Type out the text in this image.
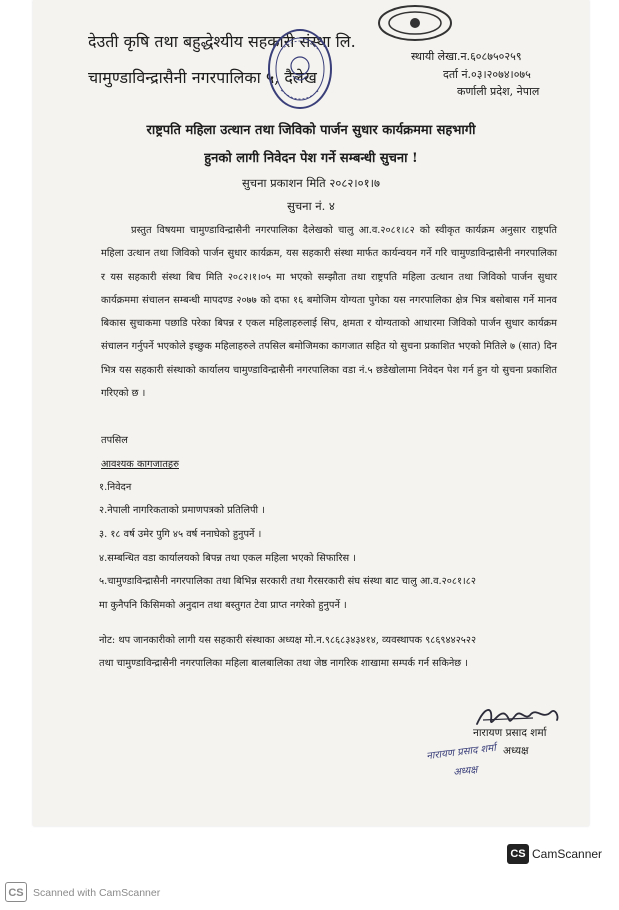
देउती कृषि तथा बहुद्धेश्यीय सहकारी संस्था लि.
चामुण्डाविन्द्रासैनी नगरपालिका ५, दैलेख
स्थायी लेखा.न.६०८७५०२५९
दर्ता नं.०३।२०७४।०७५
कर्णाली प्रदेश, नेपाल
राष्ट्रपति महिला उत्थान तथा जिविको पार्जन सुधार कार्यक्रममा सहभागी
हुनको लागी निवेदन पेश गर्ने सम्बन्धी सुचना !
सुचना प्रकाशन मिति २०८२।०१।७
सुचना नं. ४
प्रस्तुत विषयमा चामुण्डाविन्द्रासैनी नगरपालिका दैलेखको चालु आ.व.२०८१।८२ को स्वीकृत कार्यक्रम अनुसार राष्ट्रपति महिला उत्थान तथा जिविको पार्जन सुधार कार्यक्रम, यस सहकारी संस्था मार्फत कार्यन्वयन गर्ने गरि चामुण्डाविन्द्रासैनी नगरपालिका र यस सहकारी संस्था बिच मिति २०८२।१।०५ मा भएको सम्झौता तथा राष्ट्रपति महिला उत्थान तथा जिविको पार्जन सुधार कार्यक्रममा संचालन सम्बन्धी मापदण्ड २०७७ को दफा १६ बमोजिम योग्यता पुगेका यस नगरपालिका क्षेत्र भित्र बसोबास गर्ने मानव बिकास सुचाकमा पछाडि परेका बिपन्न र एकल महिलाहरुलाई सिप, क्षमता र योग्यताको आधारमा जिविको पार्जन सुधार कार्यक्रम संचालन गर्नुपर्ने भएकोले इच्छुक महिलाहरुले तपसिल बमोजिमका कागजात सहित यो सुचना प्रकाशित भएको मितिले ७ (सात) दिन भित्र यस सहकारी संस्थाको कार्यालय चामुण्डाविन्द्रासैनी नगरपालिका वडा नं.५ छडेखोलामा निवेदन पेश गर्न हुन यो सुचना प्रकाशित गरिएको छ ।
तपसिल
आवश्यक कागजातहरु
१.निवेदन
२.नेपाली नागरिकताको प्रमाणपत्रको प्रतिलिपी ।
३. १८ वर्ष उमेर पुगि ४५ वर्ष ननाघेको हुनुपर्ने ।
४.सम्बन्धित वडा कार्यालयको बिपन्न तथा एकल महिला भएको सिफारिस ।
५.चामुण्डाविन्द्रासैनी नगरपालिका तथा बिभिन्न सरकारी तथा गैरसरकारी संघ संस्था बाट चालु आ.व.२०८१।८२
मा कुनैपनि किसिमको अनुदान तथा बस्तुगत टेवा प्राप्त नगरेको हुनुपर्ने ।
नोट: थप जानकारीको लागी यस सहकारी संस्थाका अध्यक्ष मो.न.९८६८३४३४१४, व्यवस्थापक ९८६९४४२५२२
तथा चामुण्डाविन्द्रासैनी नगरपालिका महिला बालबालिका तथा जेष्ठ नागरिक शाखामा सम्पर्क गर्न सकिनेछ ।
नारायण प्रसाद शर्मा
अध्यक्ष
नारायण प्रसाद शर्मा
अध्यक्ष
CS CamScanner
CS Scanned with CamScanner
